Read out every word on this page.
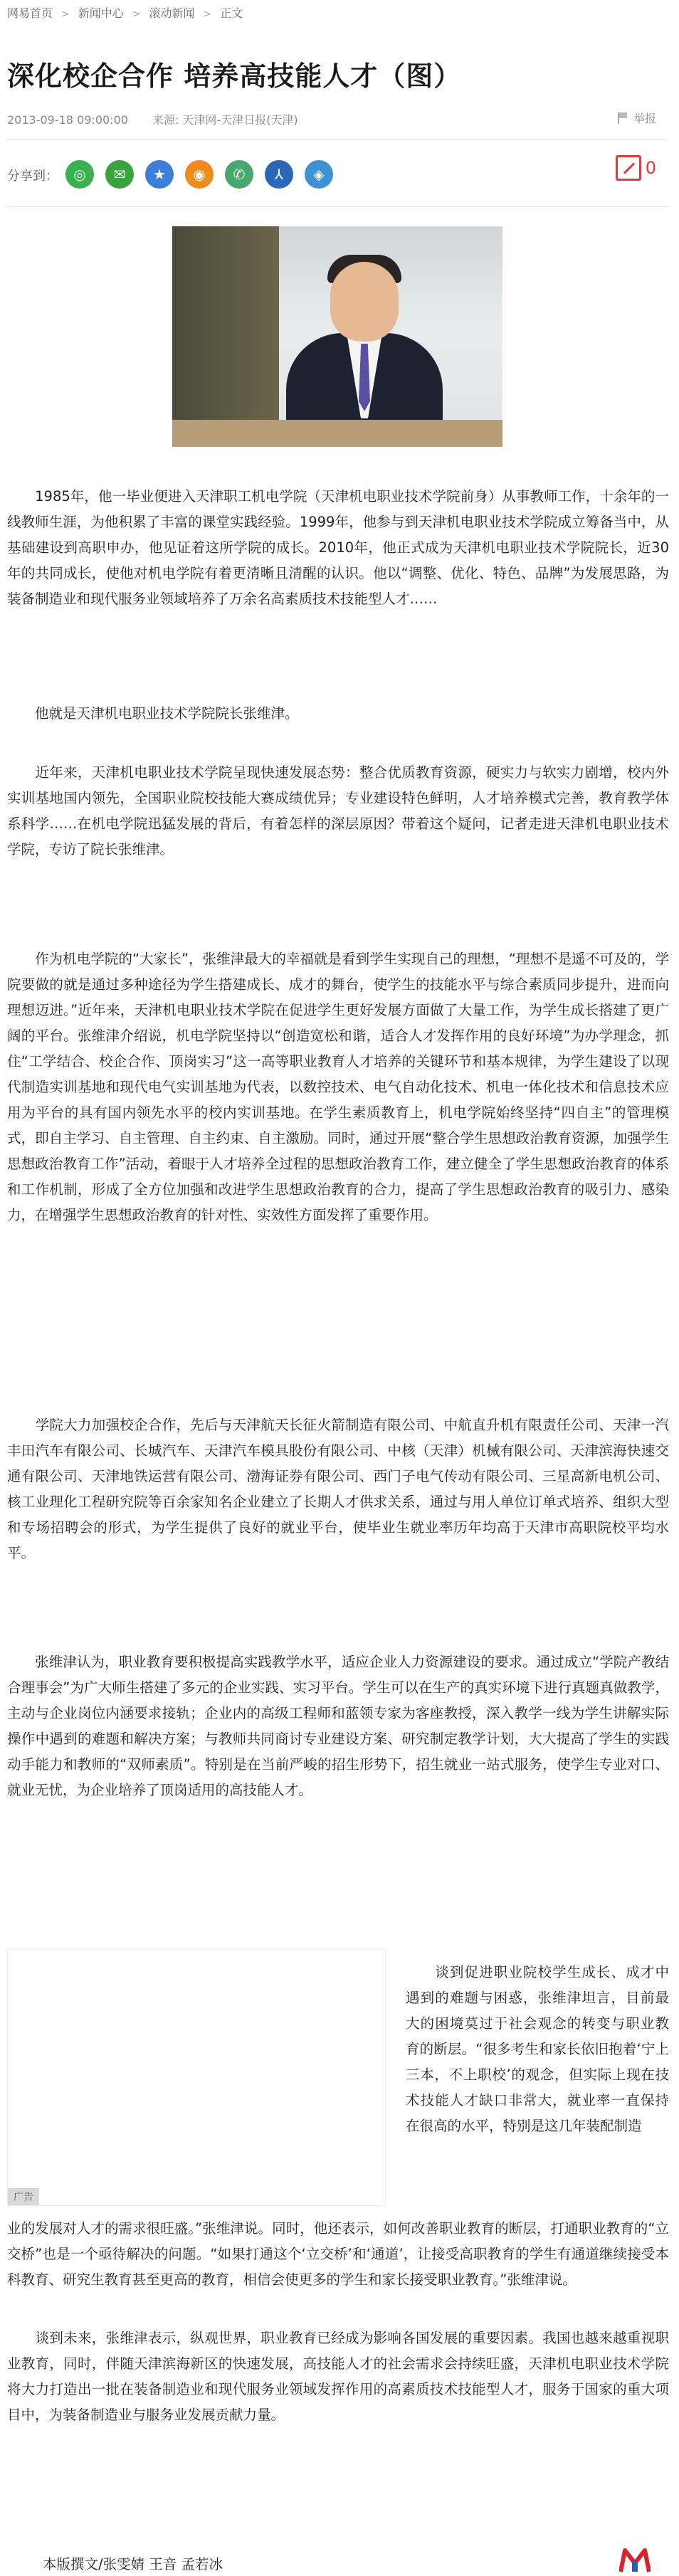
网易首页 > 新闻中心 > 滚动新闻 > 正文
深化校企合作 培养高技能人才（图）
2013-09-18 09:00:00 来源: 天津网-天津日报(天津)	举报
分享到：	◎	✉	★	◉	✆	⅄	◈	0

　　1985年，他一毕业便进入天津职工机电学院（天津机电职业技术学院前身）从事教师工作，十余年的一线教师生涯，为他积累了丰富的课堂实践经验。1999年，他参与到天津机电职业技术学院成立筹备当中，从基础建设到高职申办，他见证着这所学院的成长。2010年，他正式成为天津机电职业技术学院院长，近30年的共同成长，使他对机电学院有着更清晰且清醒的认识。他以“调整、优化、特色、品牌”为发展思路，为装备制造业和现代服务业领域培养了万余名高素质技术技能型人才……

　　他就是天津机电职业技术学院院长张维津。

　　近年来，天津机电职业技术学院呈现快速发展态势：整合优质教育资源，硬实力与软实力剧增，校内外实训基地国内领先，全国职业院校技能大赛成绩优异；专业建设特色鲜明，人才培养模式完善，教育教学体系科学……在机电学院迅猛发展的背后，有着怎样的深层原因？带着这个疑问，记者走进天津机电职业技术学院，专访了院长张维津。

　　作为机电学院的“大家长”，张维津最大的幸福就是看到学生实现自己的理想，“理想不是遥不可及的，学院要做的就是通过多种途径为学生搭建成长、成才的舞台，使学生的技能水平与综合素质同步提升，进而向理想迈进。”近年来，天津机电职业技术学院在促进学生更好发展方面做了大量工作，为学生成长搭建了更广阔的平台。张维津介绍说，机电学院坚持以“创造宽松和谐，适合人才发挥作用的良好环境”为办学理念，抓住“工学结合、校企合作、顶岗实习”这一高等职业教育人才培养的关键环节和基本规律，为学生建设了以现代制造实训基地和现代电气实训基地为代表，以数控技术、电气自动化技术、机电一体化技术和信息技术应用为平台的具有国内领先水平的校内实训基地。在学生素质教育上，机电学院始终坚持“四自主”的管理模式，即自主学习、自主管理、自主约束、自主激励。同时，通过开展“整合学生思想政治教育资源，加强学生思想政治教育工作”活动，着眼于人才培养全过程的思想政治教育工作，建立健全了学生思想政治教育的体系和工作机制，形成了全方位加强和改进学生思想政治教育的合力，提高了学生思想政治教育的吸引力、感染力，在增强学生思想政治教育的针对性、实效性方面发挥了重要作用。

　　学院大力加强校企合作，先后与天津航天长征火箭制造有限公司、中航直升机有限责任公司、天津一汽丰田汽车有限公司、长城汽车、天津汽车模具股份有限公司、中核（天津）机械有限公司、天津滨海快速交通有限公司、天津地铁运营有限公司、渤海证券有限公司、西门子电气传动有限公司、三星高新电机公司、核工业理化工程研究院等百余家知名企业建立了长期人才供求关系，通过与用人单位订单式培养、组织大型和专场招聘会的形式，为学生提供了良好的就业平台，使毕业生就业率历年均高于天津市高职院校平均水平。

　　张维津认为，职业教育要积极提高实践教学水平，适应企业人力资源建设的要求。通过成立“学院产教结合理事会”为广大师生搭建了多元的企业实践、实习平台。学生可以在生产的真实环境下进行真题真做教学，主动与企业岗位内涵要求接轨；企业内的高级工程师和蓝领专家为客座教授，深入教学一线为学生讲解实际操作中遇到的难题和解决方案；与教师共同商讨专业建设方案、研究制定教学计划，大大提高了学生的实践动手能力和教师的“双师素质”。特别是在当前严峻的招生形势下，招生就业一站式服务，使学生专业对口、就业无忧，为企业培养了顶岗适用的高技能人才。

广告

　　谈到促进职业院校学生成长、成才中遇到的难题与困惑，张维津坦言，目前最大的困境莫过于社会观念的转变与职业教育的断层。“很多考生和家长依旧抱着‘宁上三本，不上职校’的观念，但实际上现在技术技能人才缺口非常大，就业率一直保持在很高的水平，特别是这几年装配制造

业的发展对人才的需求很旺盛。”张维津说。同时，他还表示，如何改善职业教育的断层，打通职业教育的“立交桥”也是一个亟待解决的问题。“如果打通这个‘立交桥’和‘通道’，让接受高职教育的学生有通道继续接受本科教育、研究生教育甚至更高的教育，相信会使更多的学生和家长接受职业教育。”张维津说。

　　谈到未来，张维津表示，纵观世界，职业教育已经成为影响各国发展的重要因素。我国也越来越重视职业教育，同时，伴随天津滨海新区的快速发展，高技能人才的社会需求会持续旺盛，天津机电职业技术学院将大力打造出一批在装备制造业和现代服务业领域发挥作用的高素质技术技能型人才，服务于国家的重大项目中，为装备制造业与服务业发展贡献力量。

本版撰文/张雯婧 王音 孟若冰
